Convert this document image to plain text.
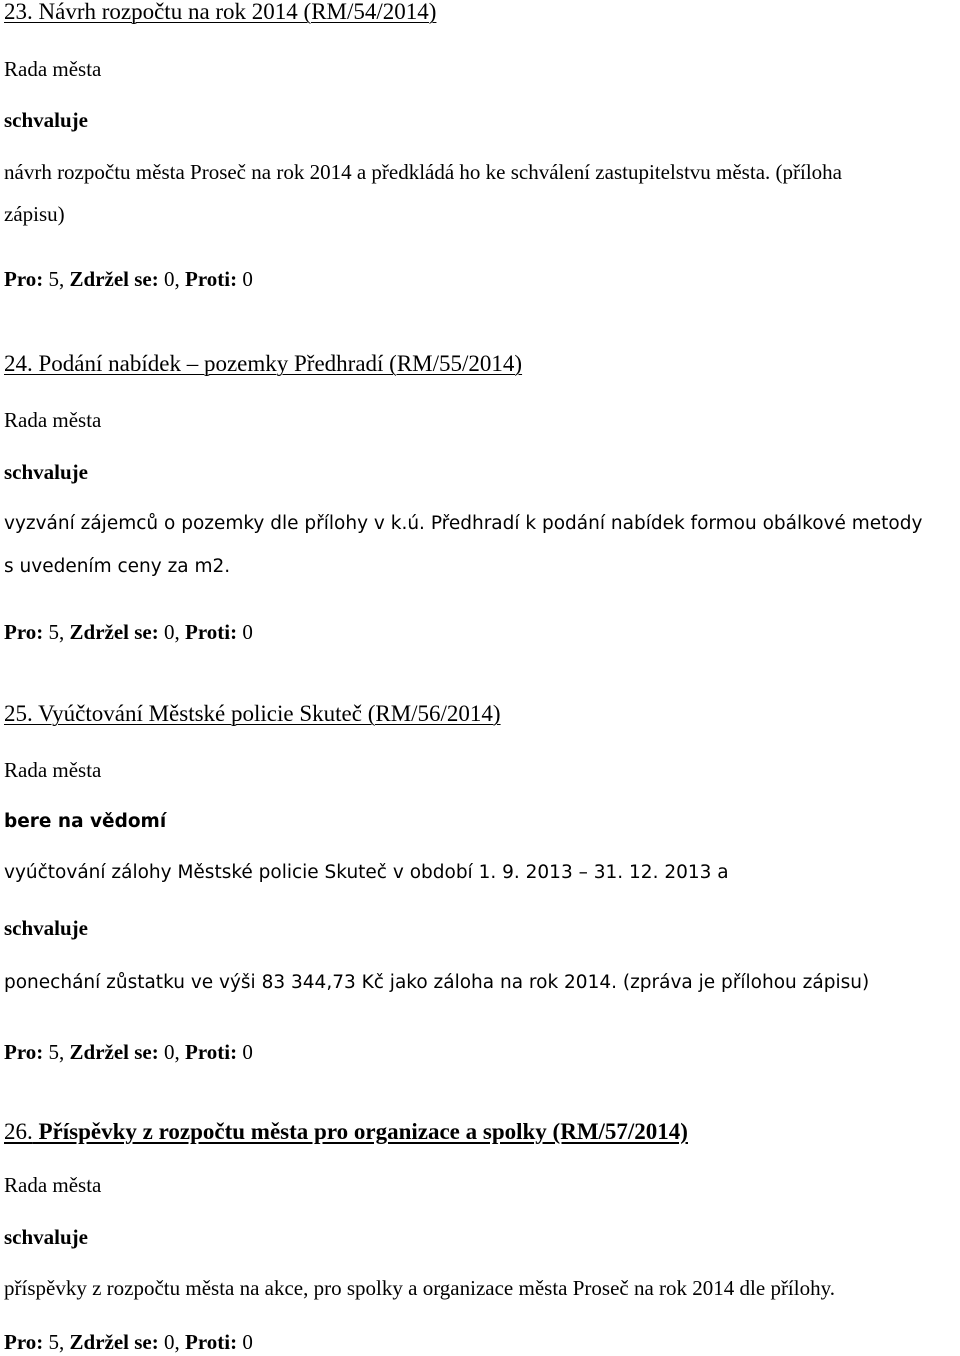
23. Návrh rozpočtu na rok 2014 (RM/54/2014)
Rada města
schvaluje
návrh rozpočtu města Proseč na rok 2014 a předkládá ho ke schválení zastupitelstvu města. (příloha
zápisu)
Pro: 5, Zdržel se: 0, Proti: 0
24. Podání nabídek – pozemky Předhradí (RM/55/2014)
Rada města
schvaluje
vyzvání zájemců o pozemky dle přílohy v k.ú. Předhradí k podání nabídek formou obálkové metody
s uvedením ceny za m2.
Pro: 5, Zdržel se: 0, Proti: 0
25. Vyúčtování Městské policie Skuteč (RM/56/2014)
Rada města
bere na vědomí
vyúčtování zálohy Městské policie Skuteč v období 1. 9. 2013 – 31. 12. 2013 a
schvaluje
ponechání zůstatku ve výši 83 344,73 Kč jako záloha na rok 2014. (zpráva je přílohou zápisu)
Pro: 5, Zdržel se: 0, Proti: 0
26. Příspěvky z rozpočtu města pro organizace a spolky (RM/57/2014)
Rada města
schvaluje
příspěvky z rozpočtu města na akce, pro spolky a organizace města Proseč na rok 2014 dle přílohy.
Pro: 5, Zdržel se: 0, Proti: 0
